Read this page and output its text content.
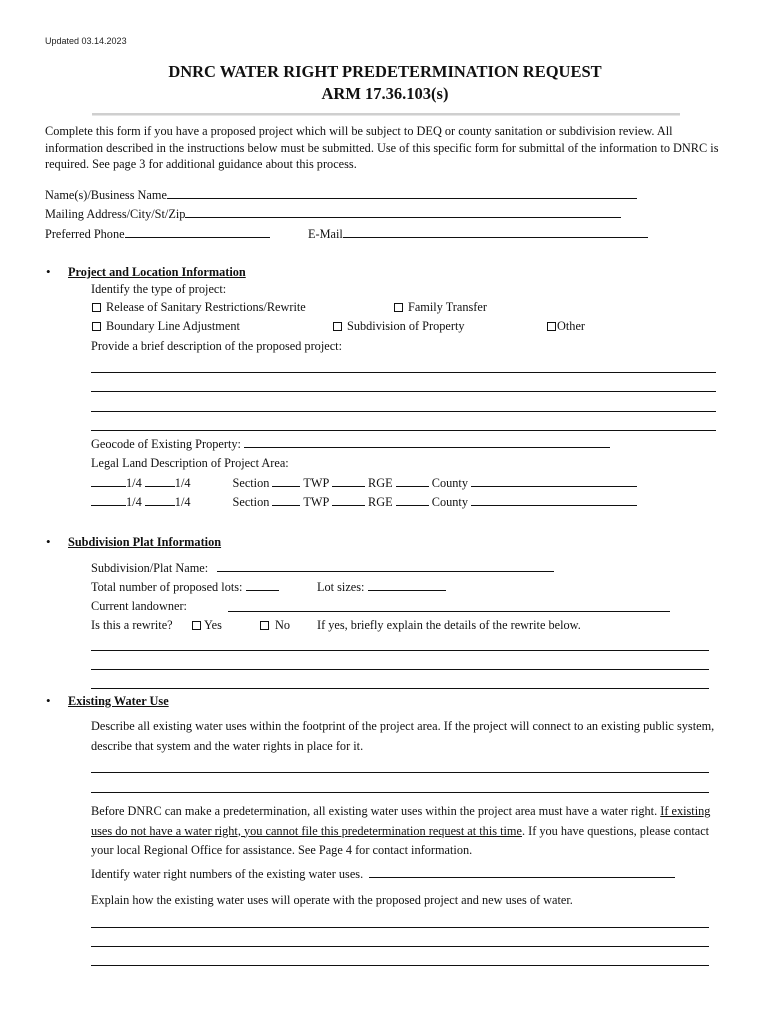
Updated 03.14.2023
DNRC WATER RIGHT PREDETERMINATION REQUEST
ARM 17.36.103(s)
Complete this form if you have a proposed project which will be subject to DEQ or county sanitation or subdivision review. All information described in the instructions below must be submitted. Use of this specific form for submittal of the information to DNRC is required. See page 3 for additional guidance about this process.
Name(s)/Business Name
Mailing Address/City/St/Zip
Preferred Phone	E-Mail
• Project and Location Information
Identify the type of project:
Release of Sanitary Restrictions/Rewrite	Family Transfer
Boundary Line Adjustment	Subdivision of Property	Other
Provide a brief description of the proposed project:
Geocode of Existing Property:
Legal Land Description of Project Area:
1/4	1/4	Section	TWP	RGE	County
1/4	1/4	Section	TWP	RGE	County
• Subdivision Plat Information
Subdivision/Plat Name:
Total number of proposed lots:	Lot sizes:
Current landowner:
Is this a rewrite?	Yes	No If yes, briefly explain the details of the rewrite below.
• Existing Water Use
Describe all existing water uses within the footprint of the project area. If the project will connect to an existing public system, describe that system and the water rights in place for it.
Before DNRC can make a predetermination, all existing water uses within the project area must have a water right. If existing uses do not have a water right, you cannot file this predetermination request at this time. If you have questions, please contact your local Regional Office for assistance. See Page 4 for contact information.
Identify water right numbers of the existing water uses.
Explain how the existing water uses will operate with the proposed project and new uses of water.
